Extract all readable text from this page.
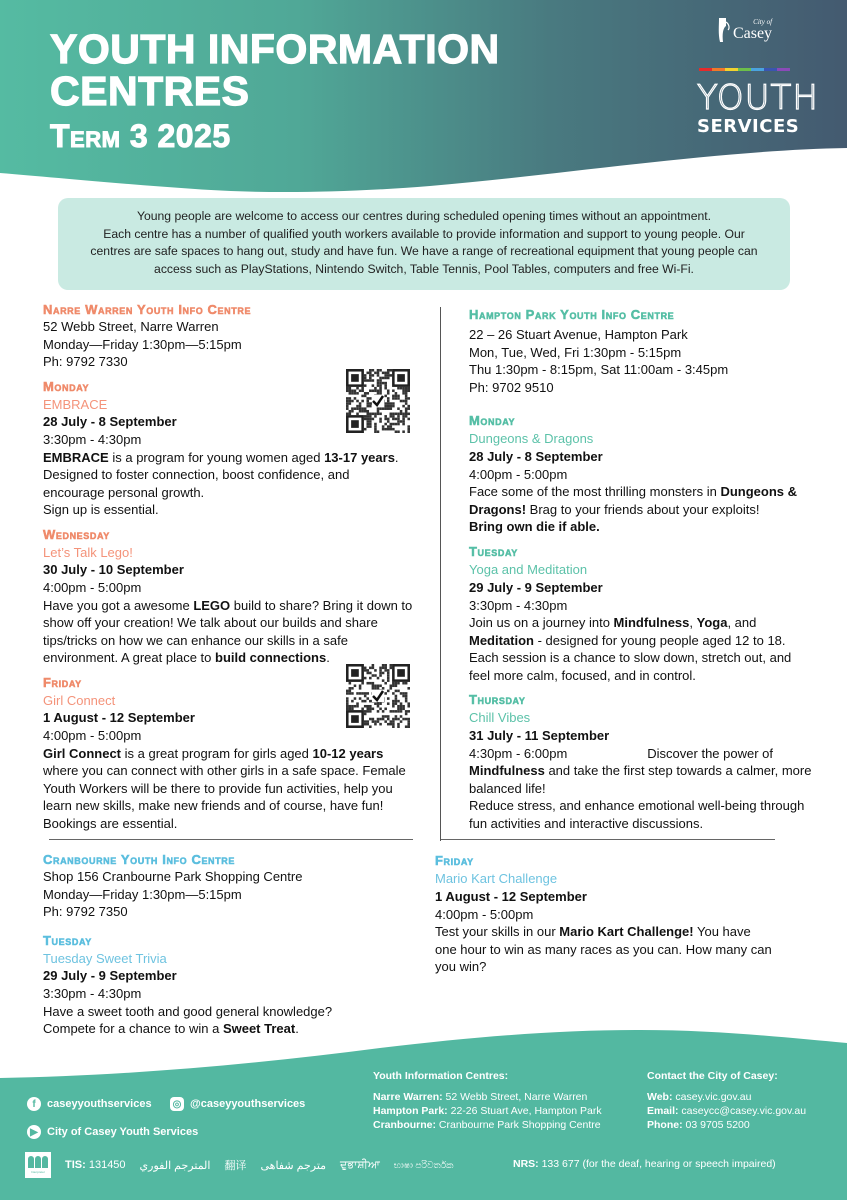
YOUTH INFORMATION
CENTRES
Term 3 2025
City of
Casey
YOUTH
SERVICES
Young people are welcome to access our centres during scheduled opening times without an appointment.
Each centre has a number of qualified youth workers available to provide information and support to young people. Our
centres are safe spaces to hang out, study and have fun. We have a range of recreational equipment that young people can
access such as PlayStations, Nintendo Switch, Table Tennis, Pool Tables, computers and free Wi-Fi.
Narre Warren Youth Info Centre
52 Webb Street, Narre Warren
Monday—Friday 1:30pm—5:15pm
Ph: 9792 7330
Monday
EMBRACE
28 July - 8 September
3:30pm - 4:30pm
EMBRACE is a program for young women aged 13-17 years. Designed to foster connection, boost confidence, and encourage personal growth.
Sign up is essential.
Wednesday
Let’s Talk Lego!
30 July - 10 September
4:00pm - 5:00pm
Have you got a awesome LEGO build to share? Bring it down to show off your creation! We talk about our builds and share tips/tricks on how we can enhance our skills in a safe environment. A great place to build connections.
Friday
Girl Connect
1 August - 12 September
4:00pm - 5:00pm
Girl Connect is a great program for girls aged 10-12 years where you can connect with other girls in a safe space. Female Youth Workers will be there to provide fun activities, help you learn new skills, make new friends and of course, have fun! Bookings are essential.
Hampton Park Youth Info Centre
22 – 26 Stuart Avenue, Hampton Park
Mon, Tue, Wed, Fri 1:30pm - 5:15pm
Thu 1:30pm - 8:15pm, Sat 11:00am - 3:45pm
Ph: 9702 9510
Monday
Dungeons & Dragons
28 July - 8 September
4:00pm - 5:00pm
Face some of the most thrilling monsters in Dungeons & Dragons! Brag to your friends about your exploits!
Bring own die if able.
Tuesday
Yoga and Meditation
29 July - 9 September
3:30pm - 4:30pm
Join us on a journey into Mindfulness, Yoga, and Meditation - designed for young people aged 12 to 18. Each session is a chance to slow down, stretch out, and feel more calm, focused, and in control.
Thursday
Chill Vibes
31 July - 11 September
4:30pm - 6:00pm	Discover the power of
Mindfulness and take the first step towards a calmer, more balanced life!
Reduce stress, and enhance emotional well-being through fun activities and interactive discussions.
Cranbourne Youth Info Centre
Shop 156 Cranbourne Park Shopping Centre
Monday—Friday 1:30pm—5:15pm
Ph: 9792 7350
Tuesday
Tuesday Sweet Trivia
29 July - 9 September
3:30pm - 4:30pm
Have a sweet tooth and good general knowledge? Compete for a chance to win a Sweet Treat.
Friday
Mario Kart Challenge
1 August - 12 September
4:00pm - 5:00pm
Test your skills in our Mario Kart Challenge! You have one hour to win as many races as you can. How many can you win?
f	caseyyouthservices ◎ @caseyyouthservices
▶ City of Casey Youth Services
Youth Information Centres:
Narre Warren: 52 Webb Street, Narre Warren
Hampton Park: 22-26 Stuart Ave, Hampton Park
Cranbourne: Cranbourne Park Shopping Centre
Contact the City of Casey:
Web: casey.vic.gov.au
Email: caseycc@casey.vic.gov.au
Phone: 03 9705 5200
Interpreter
TIS: 131450 المترجم الفوري 翻译 مترجم شفاهی ਦੁਭਾਸ਼ੀਆ භාෂා පරිවර්තක	NRS: 133 677 (for the deaf, hearing or speech impaired)
